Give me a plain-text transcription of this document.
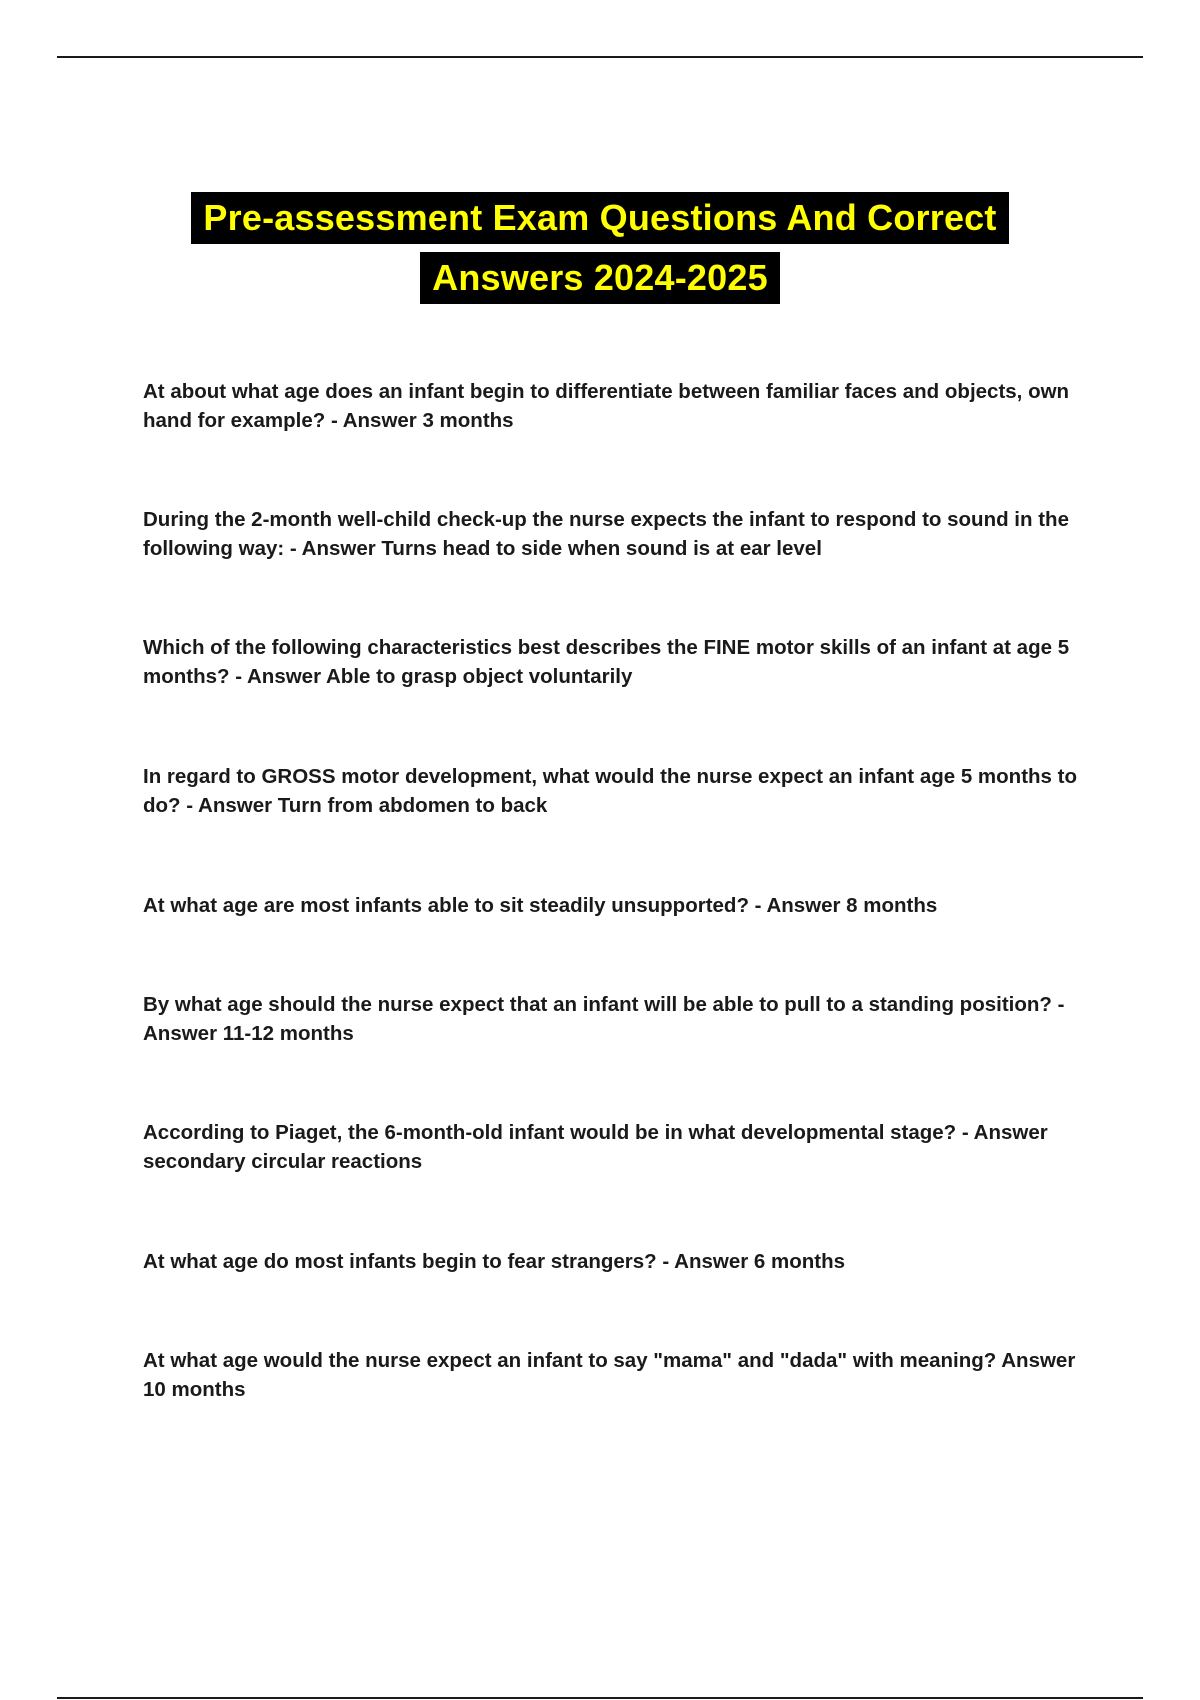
Pre-assessment Exam Questions And Correct
Answers 2024-2025
At about what age does an infant begin to differentiate between familiar faces and objects, own hand for example? - Answer 3 months
During the 2-month well-child check-up the nurse expects the infant to respond to sound in the following way: - Answer Turns head to side when sound is at ear level
Which of the following characteristics best describes the FINE motor skills of an infant at age 5 months? - Answer Able to grasp object voluntarily
In regard to GROSS motor development, what would the nurse expect an infant age 5 months to do? - Answer Turn from abdomen to back
At what age are most infants able to sit steadily unsupported? - Answer 8 months
By what age should the nurse expect that an infant will be able to pull to a standing position? - Answer 11-12 months
According to Piaget, the 6-month-old infant would be in what developmental stage? - Answer secondary circular reactions
At what age do most infants begin to fear strangers? - Answer 6 months
At what age would the nurse expect an infant to say "mama" and "dada" with meaning? Answer 10 months
